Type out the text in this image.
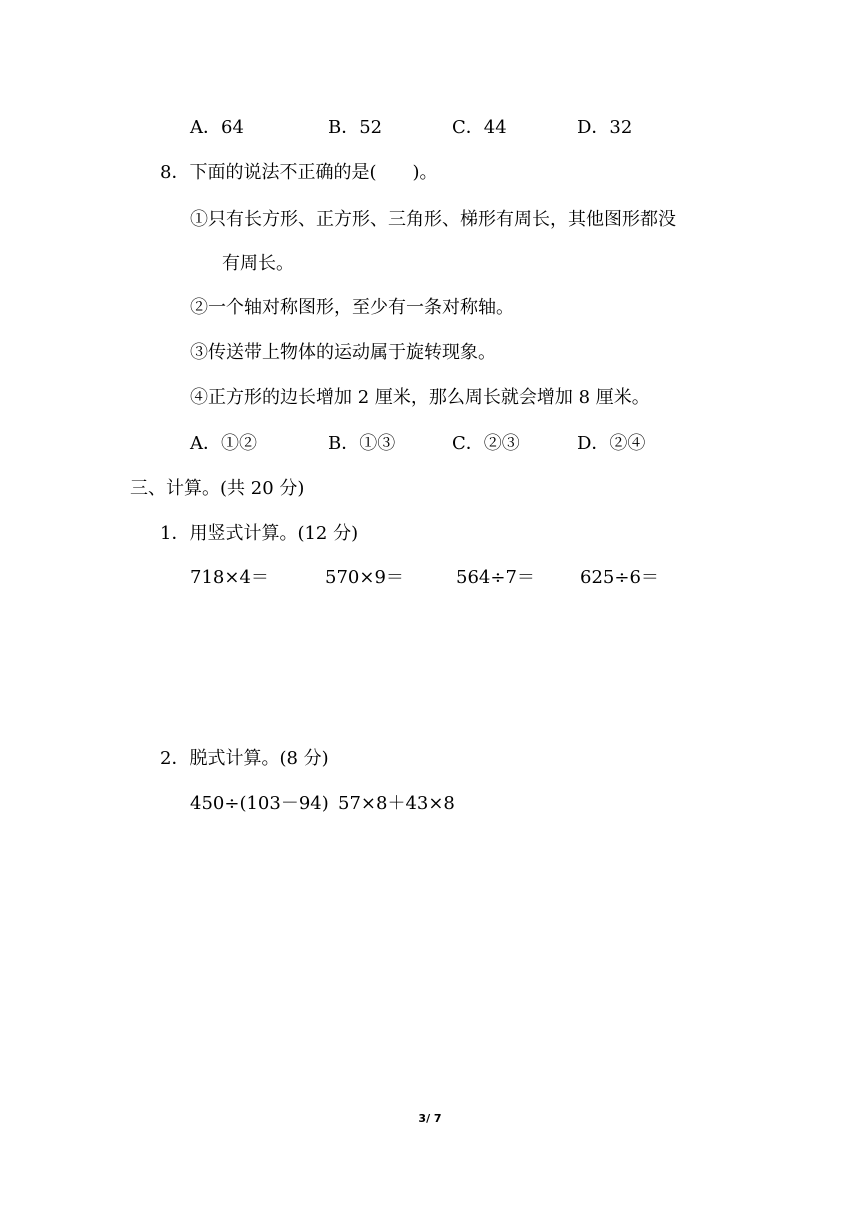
A．64	B．52	C．44	D．32
8．下面的说法不正确的是(　　)。
①只有长方形、正方形、三角形、梯形有周长，其他图形都没
有周长。
②一个轴对称图形，至少有一条对称轴。
③传送带上物体的运动属于旋转现象。
④正方形的边长增加 2 厘米，那么周长就会增加 8 厘米。
A．①②	B．①③	C．②③	D．②④
三、计算。(共 20 分)
1．用竖式计算。(12 分)
718×4＝	570×9＝	564÷7＝	625÷6＝
2．脱式计算。(8 分)
450÷(103－94) 57×8＋43×8
3/ 7
